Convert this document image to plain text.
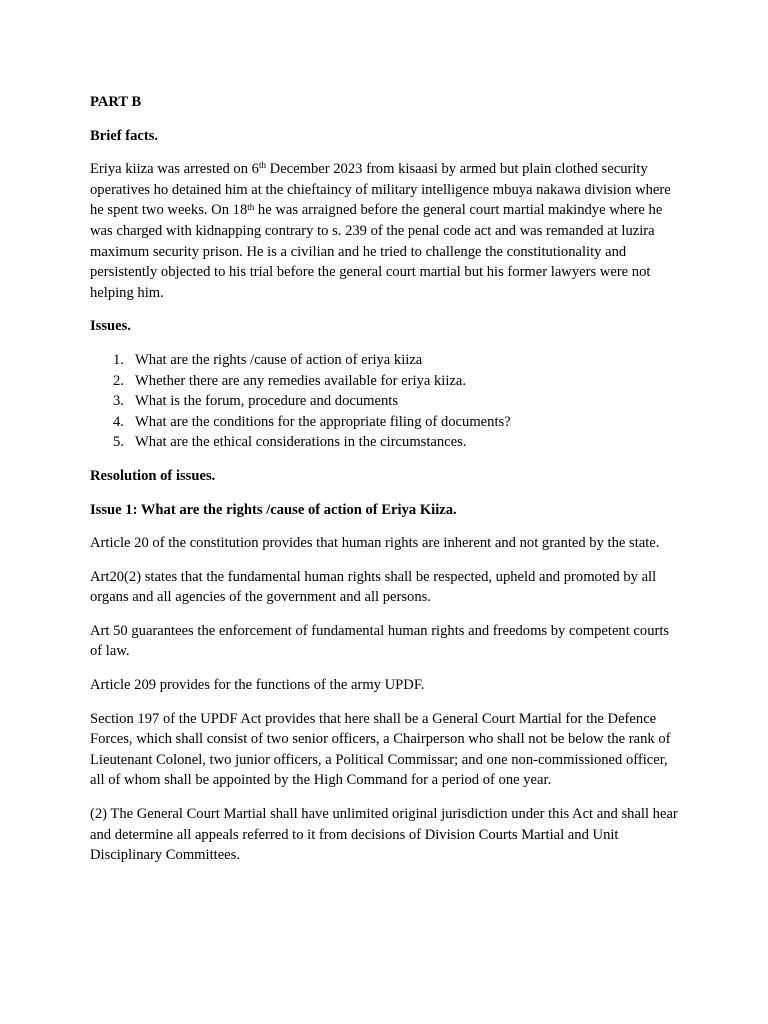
PART B

Brief facts.

Eriya kiiza was arrested on 6th December 2023 from kisaasi by armed but plain clothed security operatives ho detained him at the chieftaincy of military intelligence mbuya nakawa division where he spent two weeks. On 18th he was arraigned before the general court martial makindye where he was charged with kidnapping contrary to s. 239 of the penal code act and was remanded at luzira maximum security prison. He is a civilian and he tried to challenge the constitutionality and persistently objected to his trial before the general court martial but his former lawyers were not helping him.

Issues.

1. What are the rights /cause of action of eriya kiiza
2. Whether there are any remedies available for eriya kiiza.
3. What is the forum, procedure and documents
4. What are the conditions for the appropriate filing of documents?
5. What are the ethical considerations in the circumstances.

Resolution of issues.

Issue 1: What are the rights /cause of action of Eriya Kiiza.

Article 20 of the constitution provides that human rights are inherent and not granted by the state.

Art20(2) states that the fundamental human rights shall be respected, upheld and promoted by all organs and all agencies of the government and all persons.

Art 50 guarantees the enforcement of fundamental human rights and freedoms by competent courts of law.

Article 209 provides for the functions of the army UPDF.

Section 197 of the UPDF Act provides that here shall be a General Court Martial for the Defence Forces, which shall consist of two senior officers, a Chairperson who shall not be below the rank of Lieutenant Colonel, two junior officers, a Political Commissar; and one non-commissioned officer, all of whom shall be appointed by the High Command for a period of one year.

(2) The General Court Martial shall have unlimited original jurisdiction under this Act and shall hear and determine all appeals referred to it from decisions of Division Courts Martial and Unit Disciplinary Committees.
